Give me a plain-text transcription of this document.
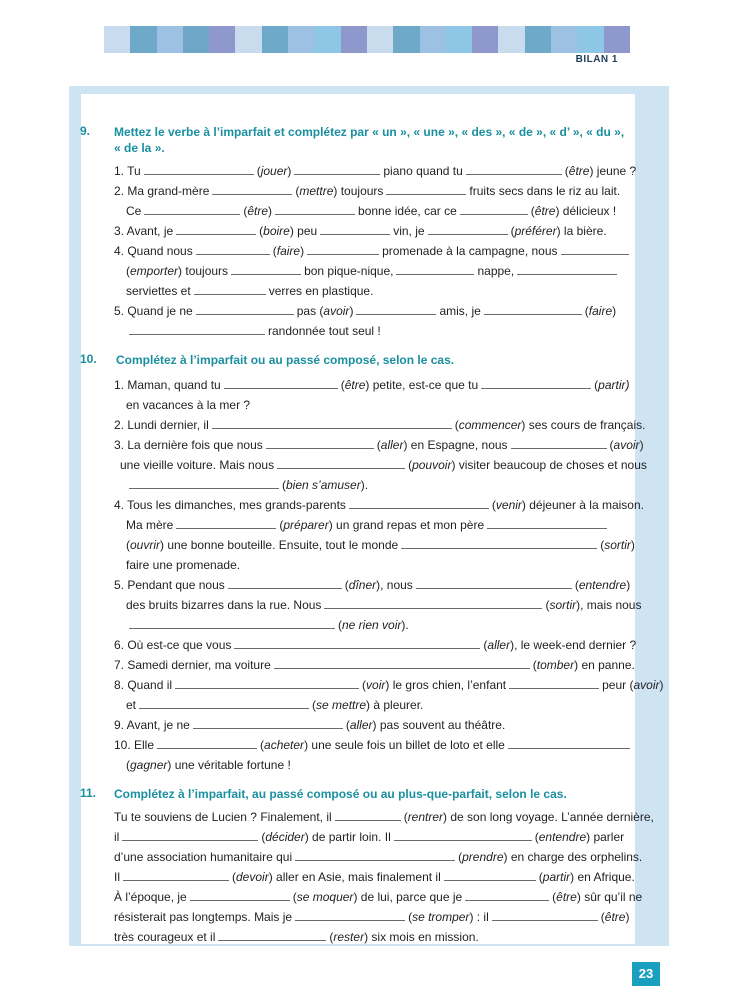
BILAN 1
9. Mettez le verbe à l’imparfait et complétez par « un », « une », « des », « de », « d’ », « du »,
« de la ».
1. Tu	(jouer)	piano quand tu	(être) jeune ?
2. Ma grand-mère	(mettre) toujours	fruits secs dans le riz au lait.
Ce	(être)	bonne idée, car ce	(être) délicieux !
3. Avant, je	(boire) peu	vin, je	(préférer) la bière.
4. Quand nous	(faire)	promenade à la campagne, nous
(emporter) toujours	bon pique-nique,	nappe,
serviettes et	verres en plastique.
5. Quand je ne	pas (avoir)	amis, je	(faire)
randonnée tout seul !
10. Complétez à l’imparfait ou au passé composé, selon le cas.
1. Maman, quand tu	(être) petite, est-ce que tu	(partir)
en vacances à la mer ?
2. Lundi dernier, il	(commencer) ses cours de français.
3. La dernière fois que nous	(aller) en Espagne, nous	(avoir)
une vieille voiture. Mais nous	(pouvoir) visiter beaucoup de choses et nous
(bien s’amuser).
4. Tous les dimanches, mes grands-parents	(venir) déjeuner à la maison.
Ma mère	(préparer) un grand repas et mon père
(ouvrir) une bonne bouteille. Ensuite, tout le monde	(sortir)
faire une promenade.
5. Pendant que nous	(dîner), nous	(entendre)
des bruits bizarres dans la rue. Nous	(sortir), mais nous
(ne rien voir).
6. Où est-ce que vous	(aller), le week-end dernier ?
7. Samedi dernier, ma voiture	(tomber) en panne.
8. Quand il	(voir) le gros chien, l’enfant	peur (avoir)
et	(se mettre) à pleurer.
9. Avant, je ne	(aller) pas souvent au théâtre.
10. Elle	(acheter) une seule fois un billet de loto et elle
(gagner) une véritable fortune !
11. Complétez à l’imparfait, au passé composé ou au plus-que-parfait, selon le cas.
Tu te souviens de Lucien ? Finalement, il	(rentrer) de son long voyage. L’année dernière,
il	(décider) de partir loin. Il	(entendre) parler
d’une association humanitaire qui	(prendre) en charge des orphelins.
Il	(devoir) aller en Asie, mais finalement il	(partir) en Afrique.
À l’époque, je	(se moquer) de lui, parce que je	(être) sûr qu’il ne
résisterait pas longtemps. Mais je	(se tromper) : il	(être)
très courageux et il	(rester) six mois en mission.
23
